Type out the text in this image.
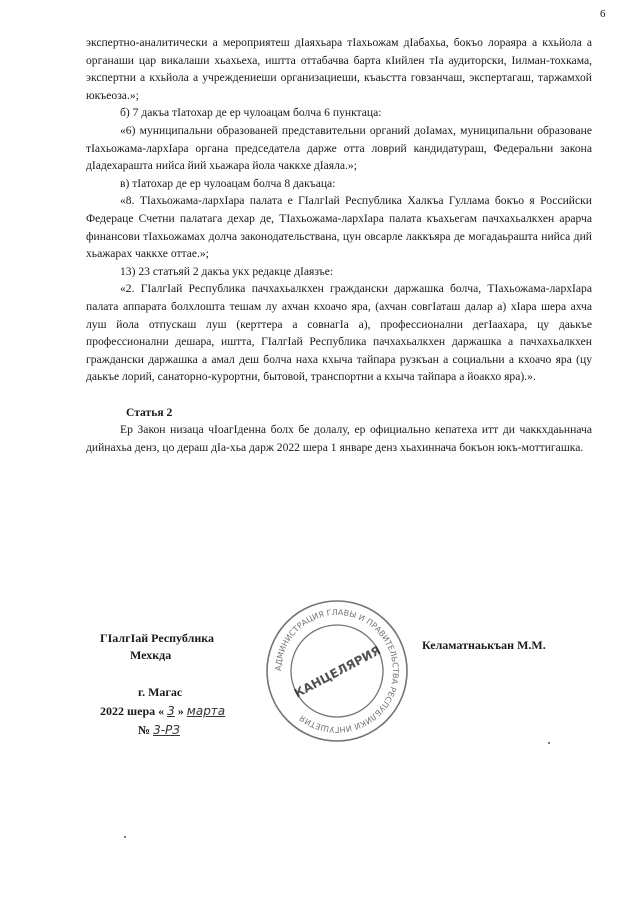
6

экспертно-аналитически а мероприятеш дIаяхьара тIахьожам дIабахьа, бокъо лораяра а кхьйола а органаши цар викалаши хьахьеха, иштта оттабачва барта кIийлен тIа аудиторски, Iилман-тохкама, экспертни а кхьйола а учреждениеши организациеши, къаьстта говзанчаш, экспертагаш, таржамхой юкъеоза.»;

б) 7 дакъа тIатохар де ер чулоацам болча 6 пунктаца:

«6) муниципальни образованей представительни органий доIамах, муниципальни образоване тIахьожама-лархIара органа председатела дарже отта ловрий кандидатураш, Федеральни закона дIадехарашта нийса йий хьажара йола чаккхе дIаяла.»;

в) тIатохар де ер чулоацам болча 8 дакъаца:

«8. ТIахьожама-лархIара палата е ГIалгIай Республика Халкъа Гуллама бокъо я Российски Федераце Счетни палатага дехар де, ТIахьожама-лархIара палата къахьегам пачхахьалкхен арарча финансови тIахьожамах долча законодательствана, цун овсарле лаккъяра де могадаьрашта нийса дий хьажарах чаккхе оттае.»;

13) 23 статьяй 2 дакъа укх редакце дIаязъе:

«2. ГIалгIай Республика пачхахьалкхен граждански даржашка болча, ТIахьожама-лархIара палата аппарата болхлошта тешам лу ахчан кхоачо яра, (ахчан совгIаташ далар а) хIара шера ахча луш йола отпускаш луш (керттера а совнагIа а), профессионални дегIаахара, цу даькъе профессионални дешара, иштта, ГIалгIай Республика пачхахьалкхен даржашка а пачхахьалкхен граждански даржашка а амал деш болча наха кхыча тайпара рузкъан а социальни а кхоачо яра (цу даькъе лорий, санаторно-курортни, бытовой, транспортни а кхыча тайпара а йоакхо яра).».

Статья 2

Ер Закон низаца чIоагIденна болх бе долалу, ер официально кепатеха итт ди чаккхдаьннача дийнахьа денз, цо дераш дIа-хьа дарж 2022 шера 1 январе денз хьахиннача бокъон юкъ-моттигашка.

ГIалгIай Республика
Мехкда
Келаматнаькъан М.М.
г. Магас
2022 шера « 3 » марта
№ 3-РЗ
АДМИНИСТРАЦИЯ ГЛАВЫ И ПРАВИТЕЛЬСТВА РЕСПУБЛИКИ ИНГУШЕТИЯ
КАНЦЕЛЯРИЯ
